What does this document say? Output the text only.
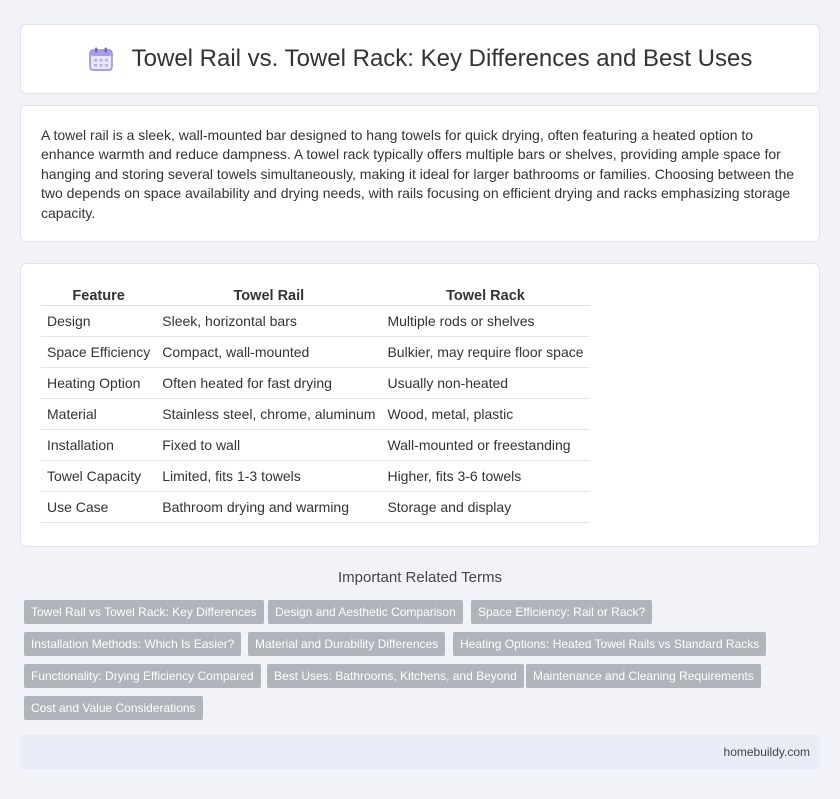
Towel Rail vs. Towel Rack: Key Differences and Best Uses

A towel rail is a sleek, wall-mounted bar designed to hang towels for quick drying, often featuring a heated option to enhance warmth and reduce dampness. A towel rack typically offers multiple bars or shelves, providing ample space for hanging and storing several towels simultaneously, making it ideal for larger bathrooms or families. Choosing between the two depends on space availability and drying needs, with rails focusing on efficient drying and racks emphasizing storage capacity.

Feature	Towel Rail	Towel Rack
Design	Sleek, horizontal bars	Multiple rods or shelves
Space Efficiency	Compact, wall-mounted	Bulkier, may require floor space
Heating Option	Often heated for fast drying	Usually non-heated
Material	Stainless steel, chrome, aluminum	Wood, metal, plastic
Installation	Fixed to wall	Wall-mounted or freestanding
Towel Capacity	Limited, fits 1-3 towels	Higher, fits 3-6 towels
Use Case	Bathroom drying and warming	Storage and display
Important Related Terms
Towel Rail vs Towel Rack: Key Differences	Design and Aesthetic Comparison	Space Efficiency: Rail or Rack?
Installation Methods: Which Is Easier?	Material and Durability Differences	Heating Options: Heated Towel Rails vs Standard Racks
Functionality: Drying Efficiency Compared	Best Uses: Bathrooms, Kitchens, and Beyond	Maintenance and Cleaning Requirements
Cost and Value Considerations
homebuildy.com
